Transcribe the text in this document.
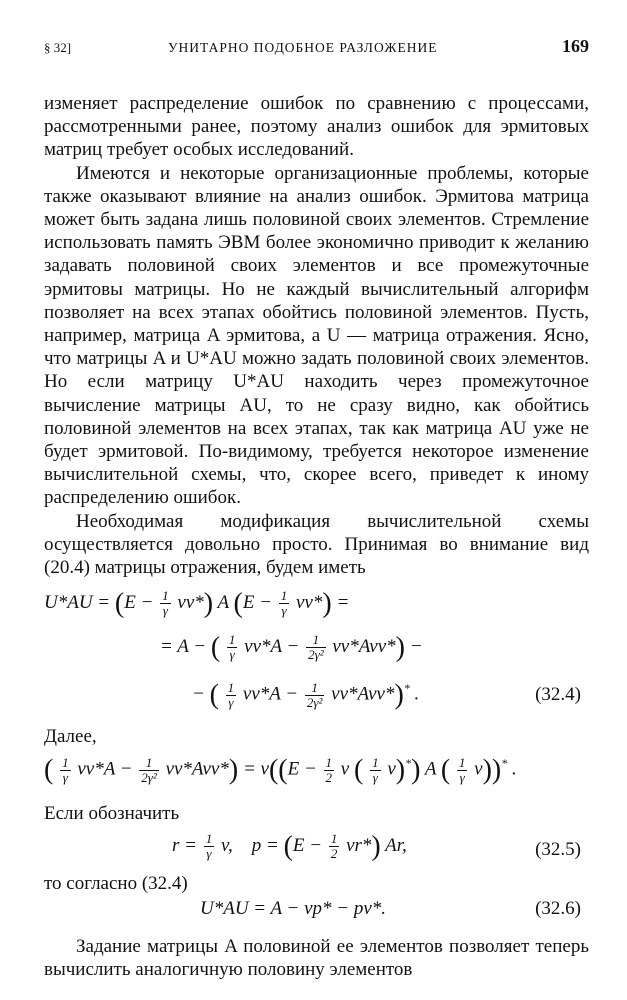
§ 32]	УНИТАРНО ПОДОБНОЕ РАЗЛОЖЕНИЕ	169

изменяет распределение ошибок по сравнению с процессами, рассмотренными ранее, поэтому анализ ошибок для эрмитовых матриц требует особых исследований.

Имеются и некоторые организационные проблемы, которые также оказывают влияние на анализ ошибок. Эрмитова матрица может быть задана лишь половиной своих элементов. Стремление использовать память ЭВМ более экономично приводит к желанию задавать половиной своих элементов и все промежуточные эрмитовы матрицы. Но не каждый вычислительный алгорифм позволяет на всех этапах обойтись половиной элементов. Пусть, например, матрица A эрмитова, а U — матрица отражения. Ясно, что матрицы A и U*AU можно задать половиной своих элементов. Но если матрицу U*AU находить через промежуточное вычисление матрицы AU, то не сразу видно, как обойтись половиной элементов на всех этапах, так как матрица AU уже не будет эрмитовой. По-видимому, требуется некоторое изменение вычислительной схемы, что, скорее всего, приведет к иному распределению ошибок.

Необходимая модификация вычислительной схемы осуществляется довольно просто. Принимая во внимание вид (20.4) матрицы отражения, будем иметь

$U*AU = (E - \frac{1}{\gamma} vv*)$ A $(E - \frac{1}{\gamma} vv*)$ =
= A − ( $\frac{1}{\gamma} vv*A - \frac{1}{\text{2γ²}} vv*Avv*$) −
− ( $\frac{1}{\gamma} vv*A - \frac{1}{\text{2γ²}} vv*Avv*)^*$ .	(32.4)

Далее,

( $\frac{1}{\gamma} vv*A - \frac{1}{\text{2γ²}} vv*Avv*) = v((E - \frac{1}{2}$ v ( $\frac{1}{\gamma} v)^*$) A ( $\frac{1}{\gamma} v))^*$ .

Если обозначить

$r = \frac{1}{\gamma} v$,    $p = (E - \frac{1}{2} vr*)$ Ar,	(32.5)

то согласно (32.4)

U*AU = A − vp* − pv*.	(32.6)

Задание матрицы A половиной ее элементов позволяет теперь вычислить аналогичную половину элементов
